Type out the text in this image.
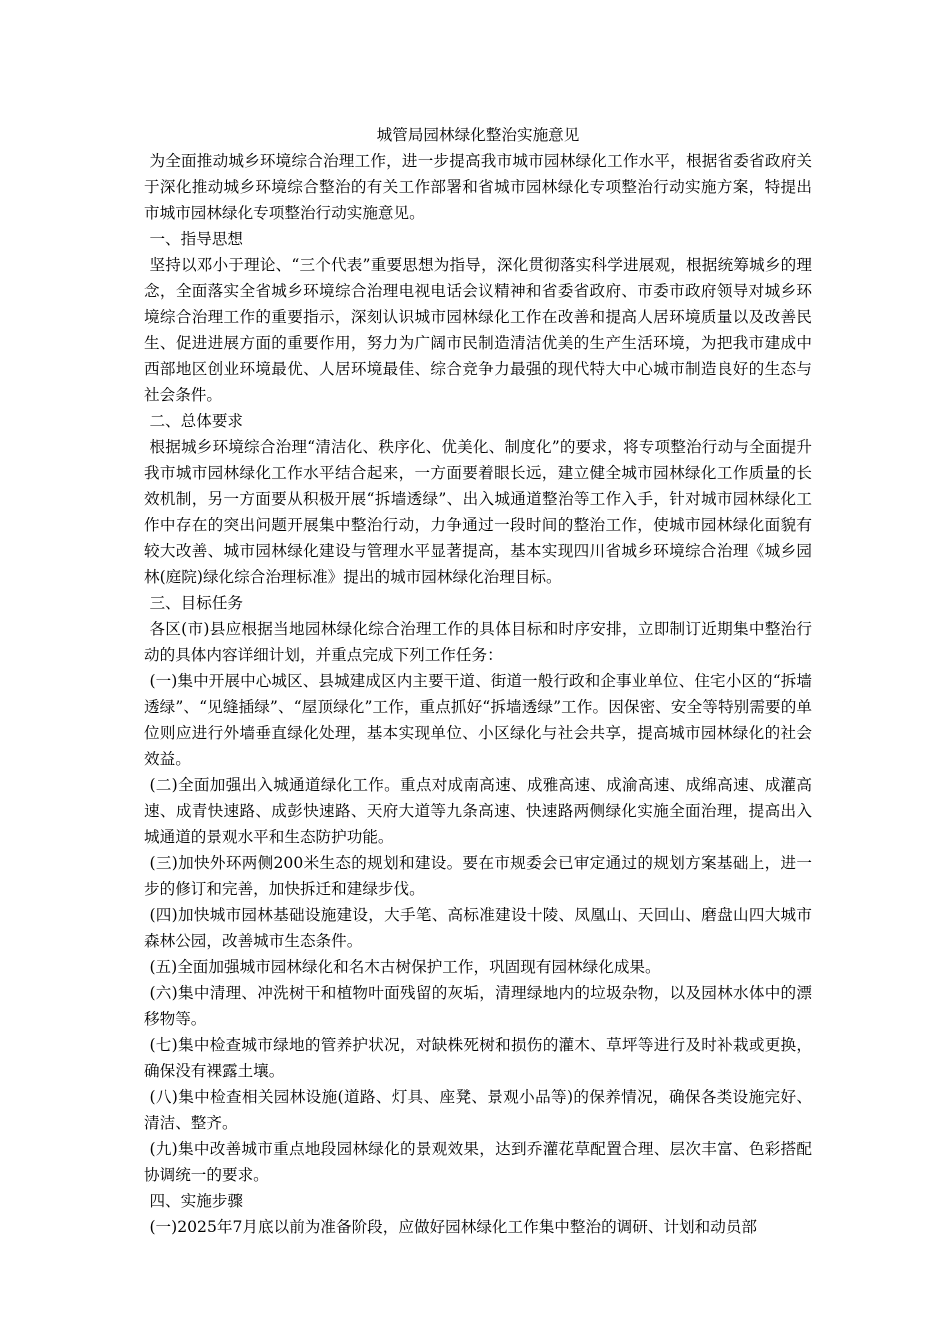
城管局园林绿化整治实施意见

为全面推动城乡环境综合治理工作，进一步提高我市城市园林绿化工作水平，根据省委省政府关于深化推动城乡环境综合整治的有关工作部署和省城市园林绿化专项整治行动实施方案，特提出市城市园林绿化专项整治行动实施意见。

一、指导思想

坚持以邓小于理论、“三个代表”重要思想为指导，深化贯彻落实科学进展观，根据统筹城乡的理念，全面落实全省城乡环境综合治理电视电话会议精神和省委省政府、市委市政府领导对城乡环境综合治理工作的重要指示，深刻认识城市园林绿化工作在改善和提高人居环境质量以及改善民生、促进进展方面的重要作用，努力为广阔市民制造清洁优美的生产生活环境，为把我市建成中西部地区创业环境最优、人居环境最佳、综合竞争力最强的现代特大中心城市制造良好的生态与社会条件。

二、总体要求

根据城乡环境综合治理“清洁化、秩序化、优美化、制度化”的要求，将专项整治行动与全面提升我市城市园林绿化工作水平结合起来，一方面要着眼长远，建立健全城市园林绿化工作质量的长效机制，另一方面要从积极开展“拆墙透绿”、出入城通道整治等工作入手，针对城市园林绿化工作中存在的突出问题开展集中整治行动，力争通过一段时间的整治工作，使城市园林绿化面貌有较大改善、城市园林绿化建设与管理水平显著提高，基本实现四川省城乡环境综合治理《城乡园林(庭院)绿化综合治理标准》提出的城市园林绿化治理目标。

三、目标任务

各区(市)县应根据当地园林绿化综合治理工作的具体目标和时序安排，立即制订近期集中整治行动的具体内容详细计划，并重点完成下列工作任务：

(一)集中开展中心城区、县城建成区内主要干道、街道一般行政和企事业单位、住宅小区的“拆墙透绿”、“见缝插绿”、“屋顶绿化”工作，重点抓好“拆墙透绿”工作。因保密、安全等特别需要的单位则应进行外墙垂直绿化处理，基本实现单位、小区绿化与社会共享，提高城市园林绿化的社会效益。

(二)全面加强出入城通道绿化工作。重点对成南高速、成雅高速、成渝高速、成绵高速、成灌高速、成青快速路、成彭快速路、天府大道等九条高速、快速路两侧绿化实施全面治理，提高出入城通道的景观水平和生态防护功能。

(三)加快外环两侧200米生态的规划和建设。要在市规委会已审定通过的规划方案基础上，进一步的修订和完善，加快拆迁和建绿步伐。

(四)加快城市园林基础设施建设，大手笔、高标准建设十陵、凤凰山、天回山、磨盘山四大城市森林公园，改善城市生态条件。

(五)全面加强城市园林绿化和名木古树保护工作，巩固现有园林绿化成果。

(六)集中清理、冲洗树干和植物叶面残留的灰垢，清理绿地内的垃圾杂物，以及园林水体中的漂移物等。

(七)集中检查城市绿地的管养护状况，对缺株死树和损伤的灌木、草坪等进行及时补栽或更换，确保没有裸露土壤。

(八)集中检查相关园林设施(道路、灯具、座凳、景观小品等)的保养情况，确保各类设施完好、清洁、整齐。

(九)集中改善城市重点地段园林绿化的景观效果，达到乔灌花草配置合理、层次丰富、色彩搭配协调统一的要求。

四、实施步骤

(一)2025年7月底以前为准备阶段，应做好园林绿化工作集中整治的调研、计划和动员部
